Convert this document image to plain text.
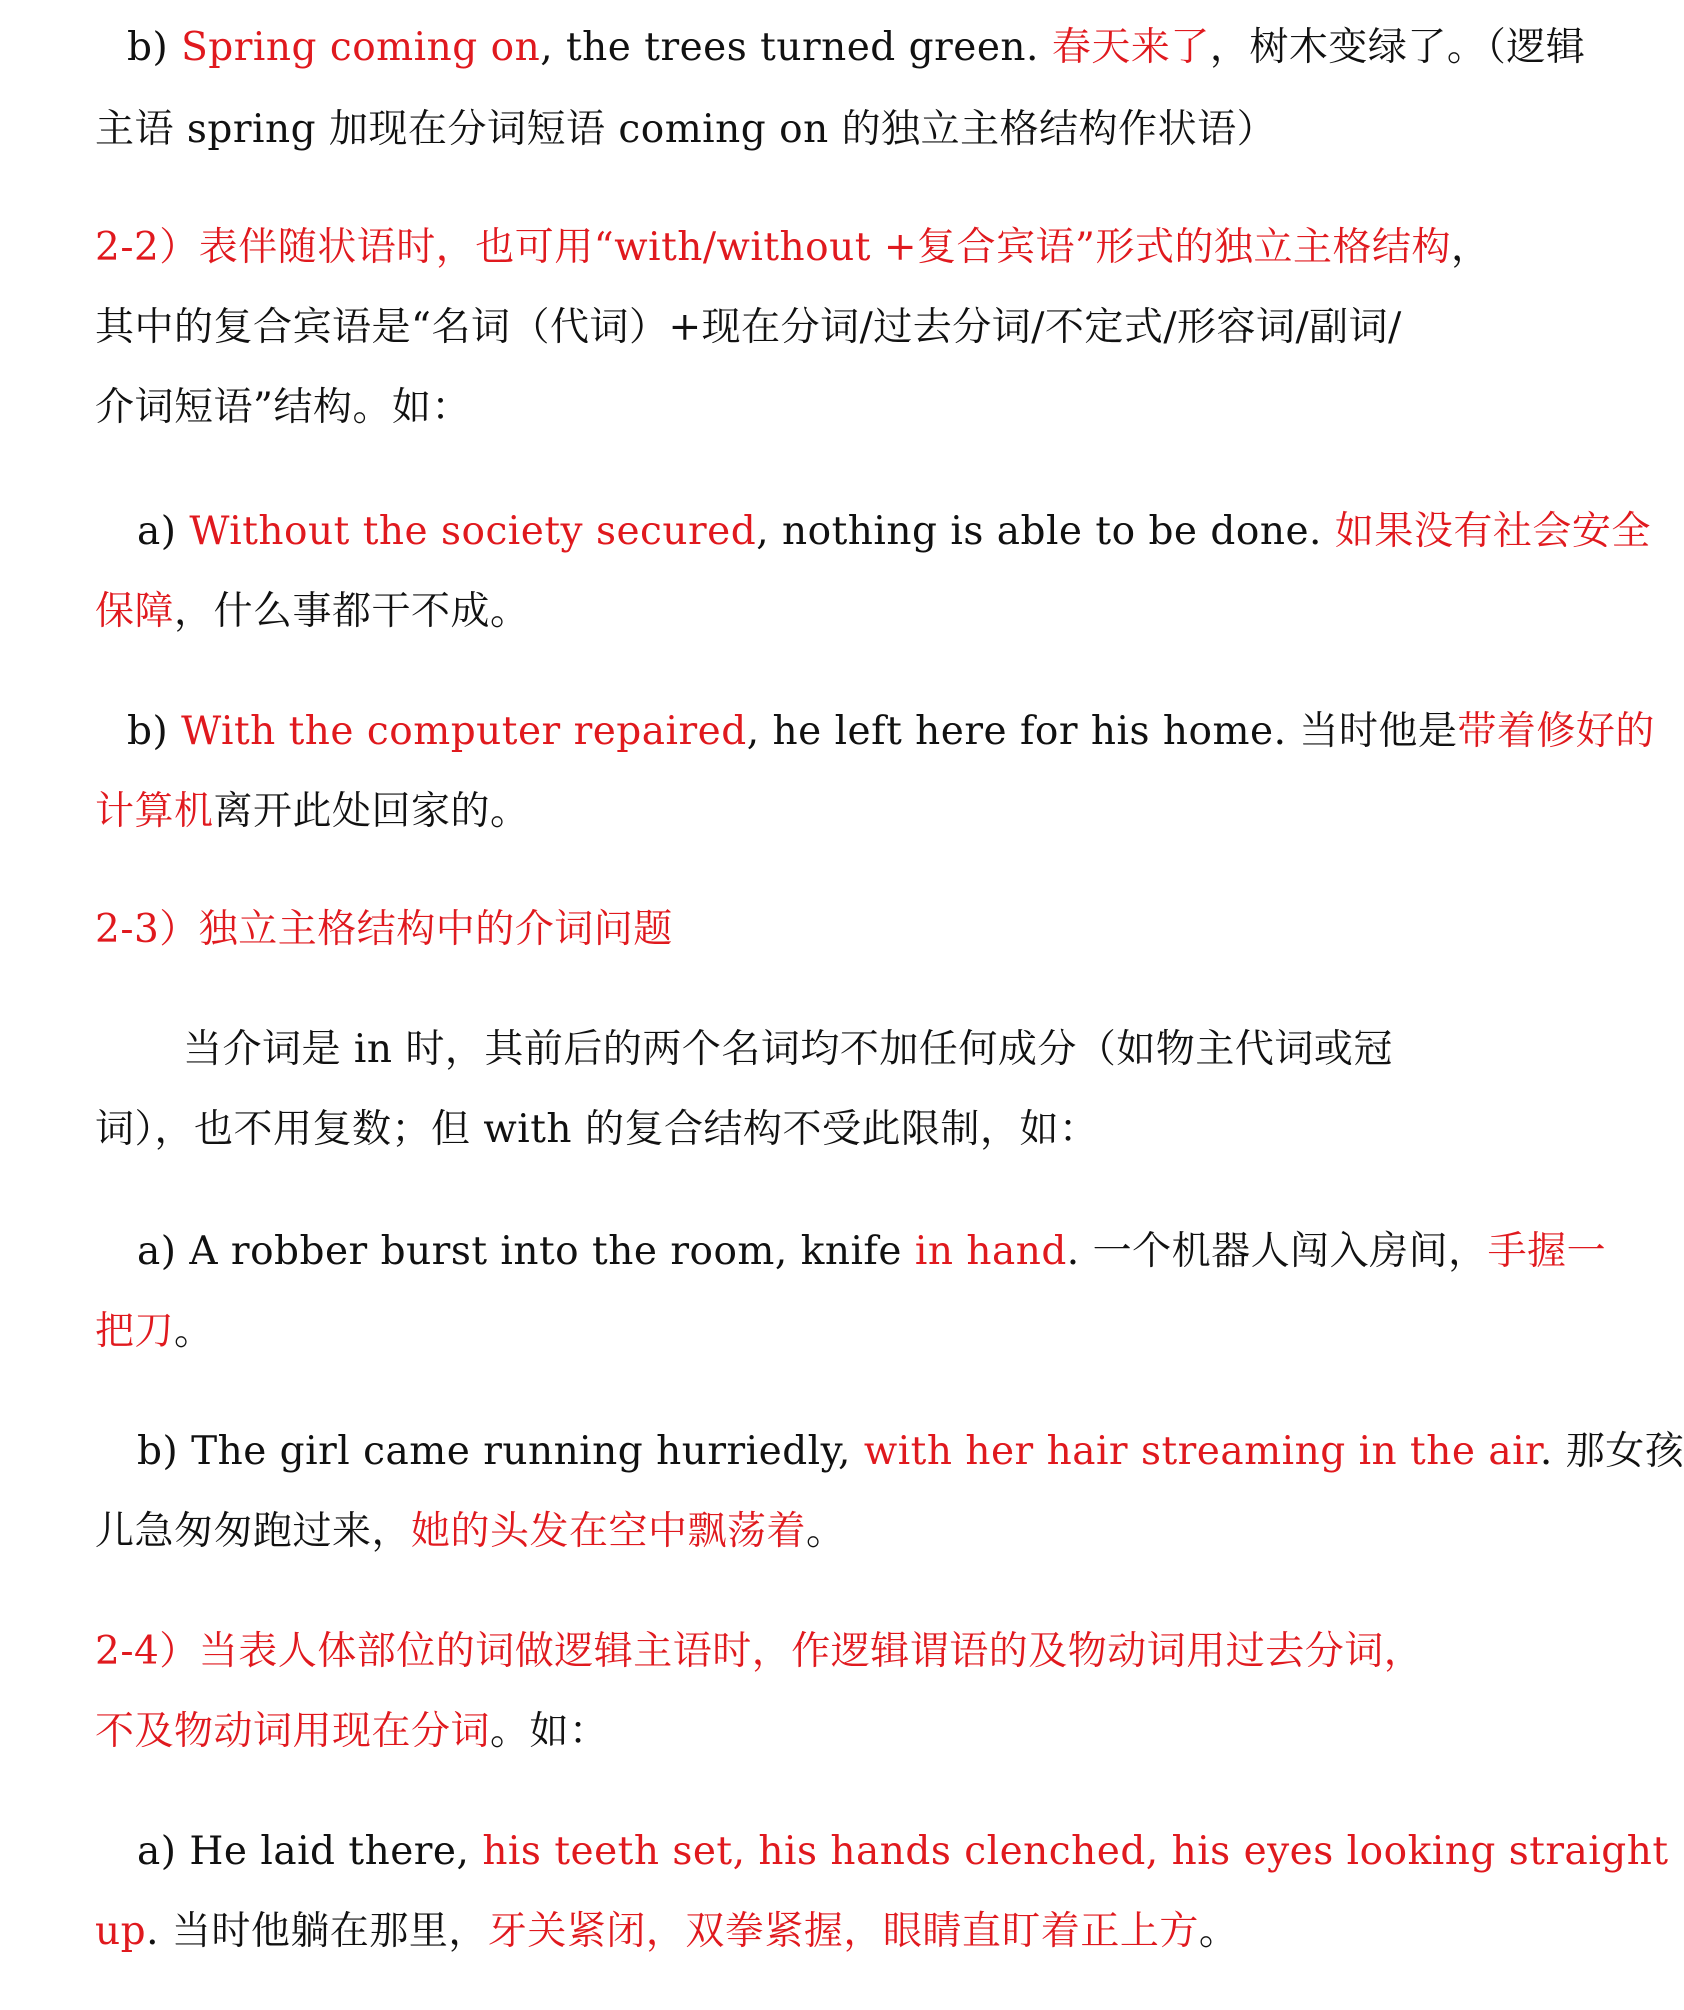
b) Spring coming on, the trees turned green. 春天来了，树木变绿了。（逻辑
主语 spring 加现在分词短语 coming on 的独立主格结构作状语）
2-2）表伴随状语时，也可用“with/without +复合宾语”形式的独立主格结构，
其中的复合宾语是“名词（代词）+现在分词/过去分词/不定式/形容词/副词/
介词短语”结构。如：
a) Without the society secured, nothing is able to be done. 如果没有社会安全
保障，什么事都干不成。
b) With the computer repaired, he left here for his home. 当时他是带着修好的
计算机离开此处回家的。
2-3）独立主格结构中的介词问题
当介词是 in 时，其前后的两个名词均不加任何成分（如物主代词或冠
词），也不用复数；但 with 的复合结构不受此限制，如：
a) A robber burst into the room, knife in hand. 一个机器人闯入房间，手握一
把刀。
b) The girl came running hurriedly, with her hair streaming in the air. 那女孩
儿急匆匆跑过来，她的头发在空中飘荡着。
2-4）当表人体部位的词做逻辑主语时，作逻辑谓语的及物动词用过去分词，
不及物动词用现在分词。如：
a) He laid there, his teeth set, his hands clenched, his eyes looking straight
up. 当时他躺在那里，牙关紧闭，双拳紧握，眼睛直盯着正上方。
